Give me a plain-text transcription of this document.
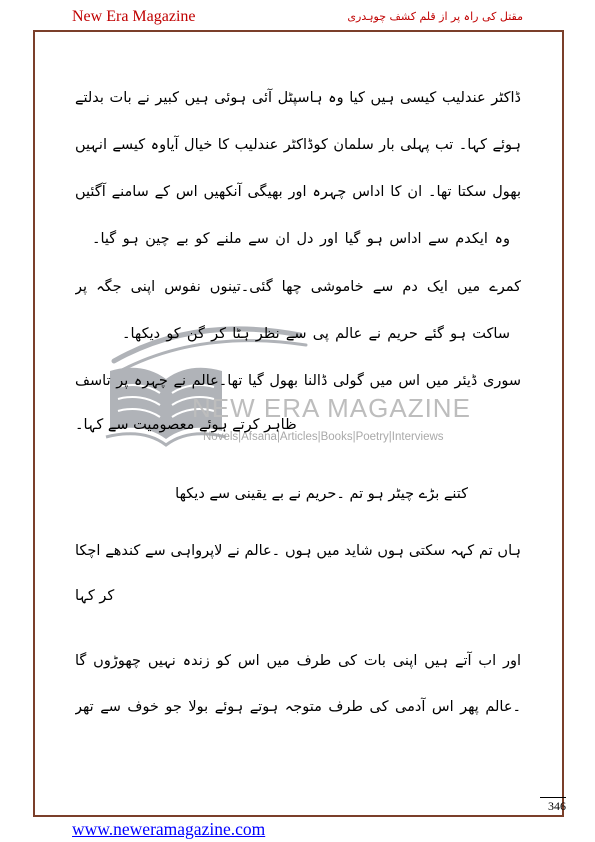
New Era Magazine	مقتل کی راہ پر از قلم کشف چوہدری
NEW ERA MAGAZINE
Novels|Afsana|Articles|Books|Poetry|Interviews
ڈاکٹر عندلیب کیسی ہیں کیا وہ ہاسپٹل آئی ہوئی ہیں کبیر نے بات بدلتے
ہوئے کہا۔ تب پہلی بار سلمان کوڈاکٹر عندلیب کا خیال آیاوہ کیسے انہیں
بھول سکتا تھا۔ ان کا اداس چہرہ اور بھیگی آنکھیں اس کے سامنے آگئیں
وہ ایکدم سے اداس ہو گیا اور دل ان سے ملنے کو بے چین ہو گیا۔
کمرے میں ایک دم سے خاموشی چھا گئی۔تینوں نفوس اپنی جگہ پر
ساکت ہو گئے حریم نے عالم پی سے نظر ہٹا کر گن کو دیکھا۔
سوری ڈیئر میں اس میں گولی ڈالنا بھول گیا تھا۔عالم نے چہرہ پر تاسف
ظاہر کرتے ہوئے معصومیت سے کہا۔
کتنے بڑے چیٹر ہو تم ۔حریم نے بے یقینی سے دیکھا
ہاں تم کہہ سکتی ہوں شاید میں ہوں ۔عالم نے لاپرواہی سے کندھے اچکا
کر کہا
اور اب آتے ہیں اپنی بات کی طرف میں اس کو زندہ نہیں چھوڑوں گا
۔عالم پھر اس آدمی کی طرف متوجہ ہوتے ہوئے بولا جو خوف سے تھر
346
www.neweramagazine.com
